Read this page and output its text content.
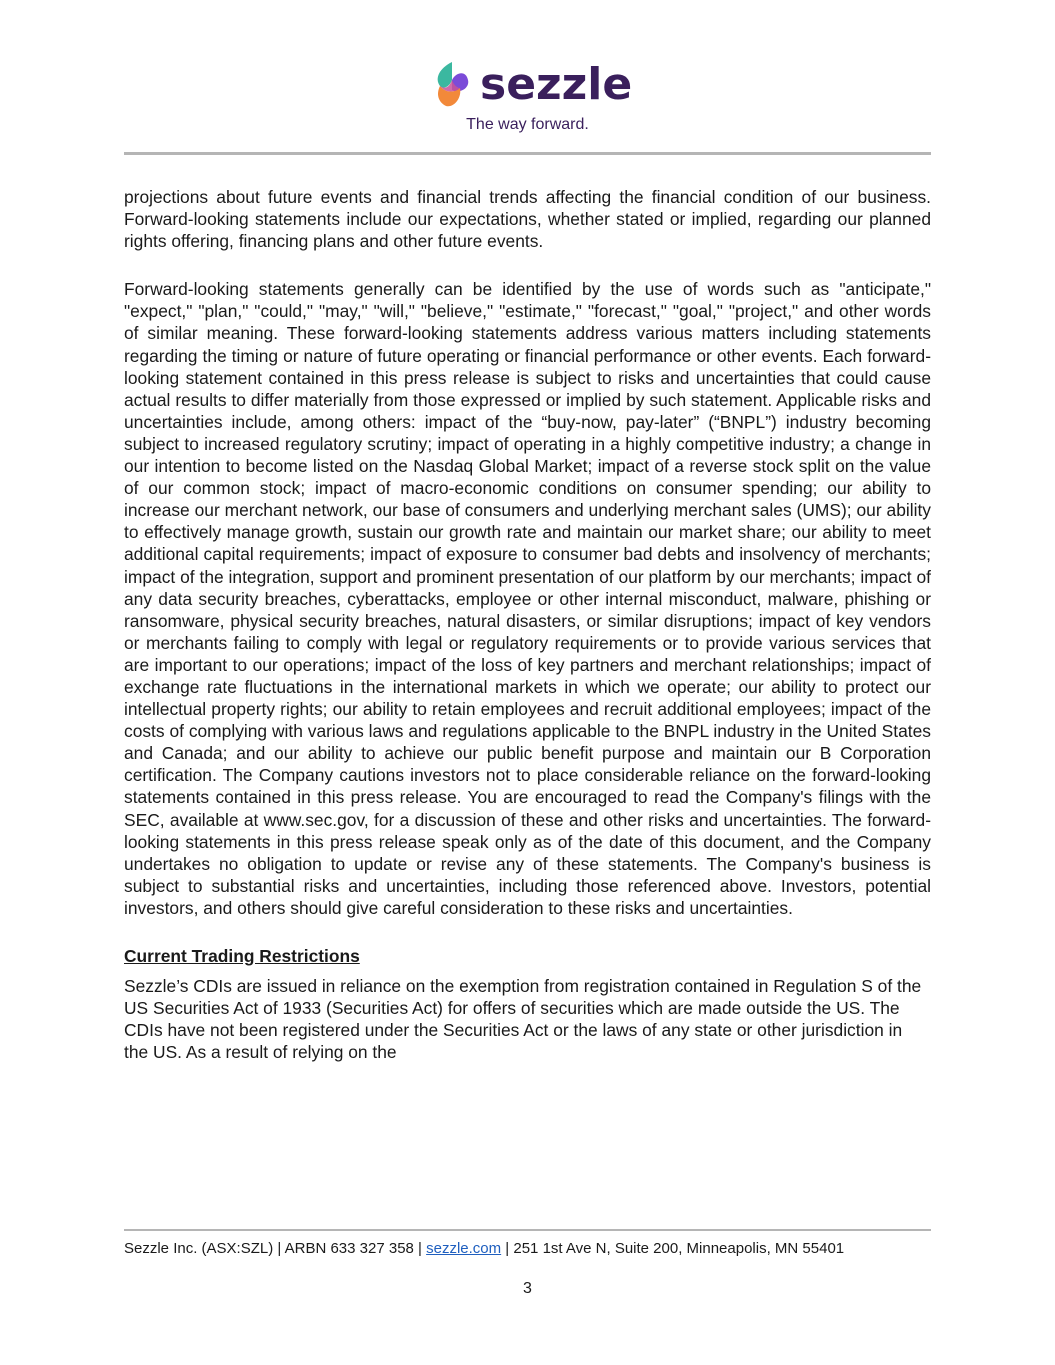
sezzle
The way forward.

projections about future events and financial trends affecting the financial condition of our business. Forward-looking statements include our expectations, whether stated or implied, regarding our planned rights offering, financing plans and other future events.

Forward-looking statements generally can be identified by the use of words such as "anticipate," "expect," "plan," "could," "may," "will," "believe," "estimate," "forecast," "goal," "project," and other words of similar meaning. These forward-looking statements address various matters including statements regarding the timing or nature of future operating or financial performance or other events. Each forward-looking statement contained in this press release is subject to risks and uncertainties that could cause actual results to differ materially from those expressed or implied by such statement. Applicable risks and uncertainties include, among others: impact of the “buy-now, pay-later” (“BNPL”) industry becoming subject to increased regulatory scrutiny; impact of operating in a highly competitive industry; a change in our intention to become listed on the Nasdaq Global Market; impact of a reverse stock split on the value of our common stock; impact of macro-economic conditions on consumer spending; our ability to increase our merchant network, our base of consumers and underlying merchant sales (UMS); our ability to effectively manage growth, sustain our growth rate and maintain our market share; our ability to meet additional capital requirements; impact of exposure to consumer bad debts and insolvency of merchants; impact of the integration, support and prominent presentation of our platform by our merchants; impact of any data security breaches, cyberattacks, employee or other internal misconduct, malware, phishing or ransomware, physical security breaches, natural disasters, or similar disruptions; impact of key vendors or merchants failing to comply with legal or regulatory requirements or to provide various services that are important to our operations; impact of the loss of key partners and merchant relationships; impact of exchange rate fluctuations in the international markets in which we operate; our ability to protect our intellectual property rights; our ability to retain employees and recruit additional employees; impact of the costs of complying with various laws and regulations applicable to the BNPL industry in the United States and Canada; and our ability to achieve our public benefit purpose and maintain our B Corporation certification. The Company cautions investors not to place considerable reliance on the forward-looking statements contained in this press release. You are encouraged to read the Company's filings with the SEC, available at www.sec.gov, for a discussion of these and other risks and uncertainties. The forward-looking statements in this press release speak only as of the date of this document, and the Company undertakes no obligation to update or revise any of these statements. The Company's business is subject to substantial risks and uncertainties, including those referenced above. Investors, potential investors, and others should give careful consideration to these risks and uncertainties.

Current Trading Restrictions

Sezzle’s CDIs are issued in reliance on the exemption from registration contained in Regulation S of the US Securities Act of 1933 (Securities Act) for offers of securities which are made outside the US. The CDIs have not been registered under the Securities Act or the laws of any state or other jurisdiction in the US. As a result of relying on the

Sezzle Inc. (ASX:SZL) | ARBN 633 327 358 | sezzle.com | 251 1st Ave N, Suite 200, Minneapolis, MN 55401
3
